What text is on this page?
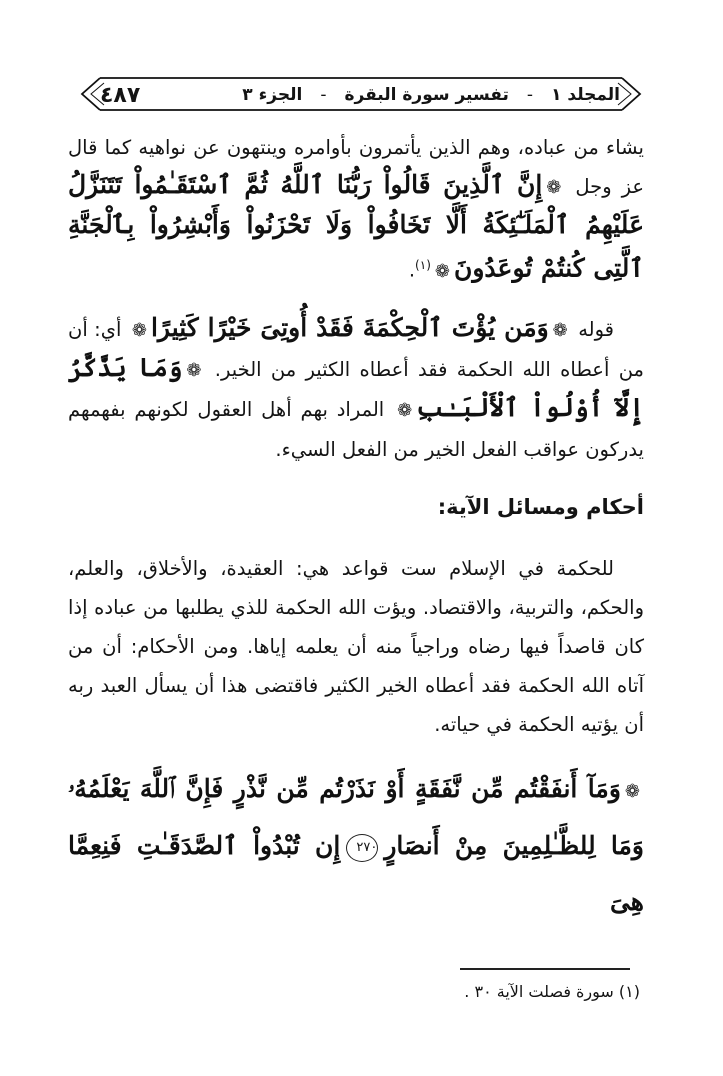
المجلد ١
-
تفسير سورة البقرة
-
الجزء ٣
٤٨٧

يشاء من عباده، وهم الذين يأتمرون بأوامره وينتهون عن نواهيه كما قال عز وجل ❁إِنَّ ٱلَّذِينَ قَالُواْ رَبُّنَا ٱللَّهُ ثُمَّ ٱسْتَقَـٰمُواْ تَتَنَزَّلُ عَلَيْهِمُ ٱلْمَلَـٰٓئِكَةُ أَلَّا تَخَافُواْ وَلَا تَحْزَنُواْ وَأَبْشِرُواْ بِٱلْجَنَّةِ ٱلَّتِى كُنتُمْ تُوعَدُونَ❁$^{(١)}$.

قوله ❁وَمَن يُؤْتَ ٱلْحِكْمَةَ فَقَدْ أُوتِىَ خَيْرًا كَثِيرًا❁ أي: أن من أعطاه الله الحكمة فقد أعطاه الكثير من الخير. ❁وَمَا يَذَّكَّرُ إِلَّآ أُوْلُواْ ٱلْأَلْبَـٰبِ❁ المراد بهم أهل العقول لكونهم بفهمهم يدركون عواقب الفعل الخير من الفعل السيء.

أحكام ومسائل الآية:

للحكمة في الإسلام ست قواعد هي: العقيدة، والأخلاق، والعلم، والحكم، والتربية، والاقتصاد. ويؤت الله الحكمة للذي يطلبها من عباده إذا كان قاصداً فيها رضاه وراجياً منه أن يعلمه إياها. ومن الأحكام: أن من آتاه الله الحكمة فقد أعطاه الخير الكثير فاقتضى هذا أن يسأل العبد ربه أن يؤتيه الحكمة في حياته.

❁وَمَآ أَنفَقْتُم مِّن نَّفَقَةٍ أَوْ نَذَرْتُم مِّن نَّذْرٍ فَإِنَّ ٱللَّهَ يَعْلَمُهُۥ وَمَا لِلظَّـٰلِمِينَ مِنْ أَنصَارٍ٢٧٠إِن تُبْدُواْ ٱلصَّدَقَـٰتِ فَنِعِمَّا هِىَ

(١) سورة فصلت الآية ٣٠ .
